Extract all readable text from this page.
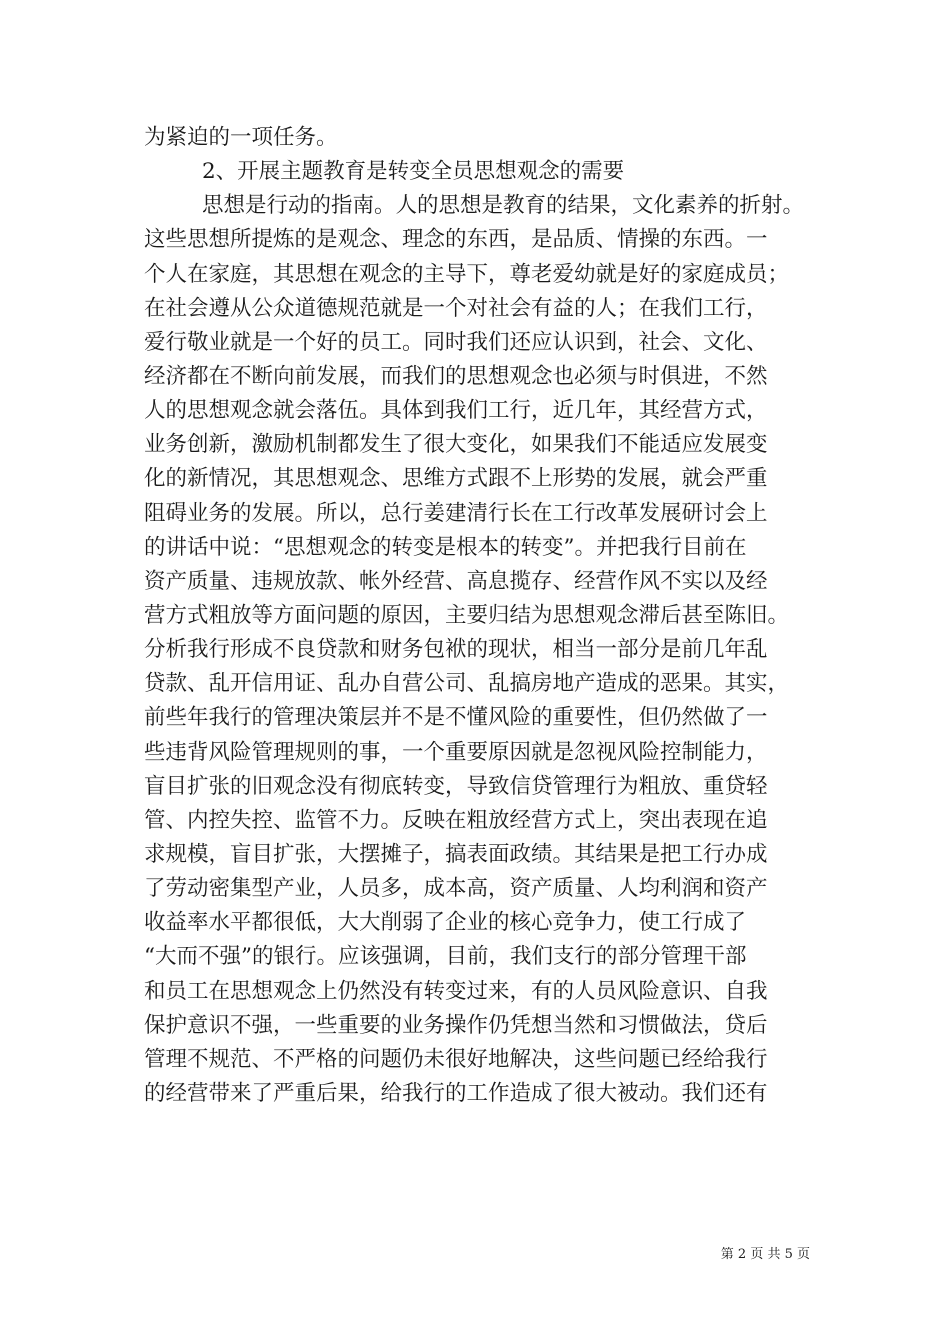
为紧迫的一项任务。
2、开展主题教育是转变全员思想观念的需要
思想是行动的指南。人的思想是教育的结果，文化素养的折射。
这些思想所提炼的是观念、理念的东西，是品质、情操的东西。一
个人在家庭，其思想在观念的主导下，尊老爱幼就是好的家庭成员；
在社会遵从公众道德规范就是一个对社会有益的人；在我们工行，
爱行敬业就是一个好的员工。同时我们还应认识到，社会、文化、
经济都在不断向前发展，而我们的思想观念也必须与时俱进，不然
人的思想观念就会落伍。具体到我们工行，近几年，其经营方式，
业务创新，激励机制都发生了很大变化，如果我们不能适应发展变
化的新情况，其思想观念、思维方式跟不上形势的发展，就会严重
阻碍业务的发展。所以，总行姜建清行长在工行改革发展研讨会上
的讲话中说：“思想观念的转变是根本的转变”。并把我行目前在
资产质量、违规放款、帐外经营、高息揽存、经营作风不实以及经
营方式粗放等方面问题的原因，主要归结为思想观念滞后甚至陈旧。
分析我行形成不良贷款和财务包袱的现状，相当一部分是前几年乱
贷款、乱开信用证、乱办自营公司、乱搞房地产造成的恶果。其实，
前些年我行的管理决策层并不是不懂风险的重要性，但仍然做了一
些违背风险管理规则的事，一个重要原因就是忽视风险控制能力，
盲目扩张的旧观念没有彻底转变，导致信贷管理行为粗放、重贷轻
管、内控失控、监管不力。反映在粗放经营方式上，突出表现在追
求规模，盲目扩张，大摆摊子，搞表面政绩。其结果是把工行办成
了劳动密集型产业，人员多，成本高，资产质量、人均利润和资产
收益率水平都很低，大大削弱了企业的核心竞争力，使工行成了
“大而不强”的银行。应该强调，目前，我们支行的部分管理干部
和员工在思想观念上仍然没有转变过来，有的人员风险意识、自我
保护意识不强，一些重要的业务操作仍凭想当然和习惯做法，贷后
管理不规范、不严格的问题仍未很好地解决，这些问题已经给我行
的经营带来了严重后果，给我行的工作造成了很大被动。我们还有
第 2 页 共 5 页
